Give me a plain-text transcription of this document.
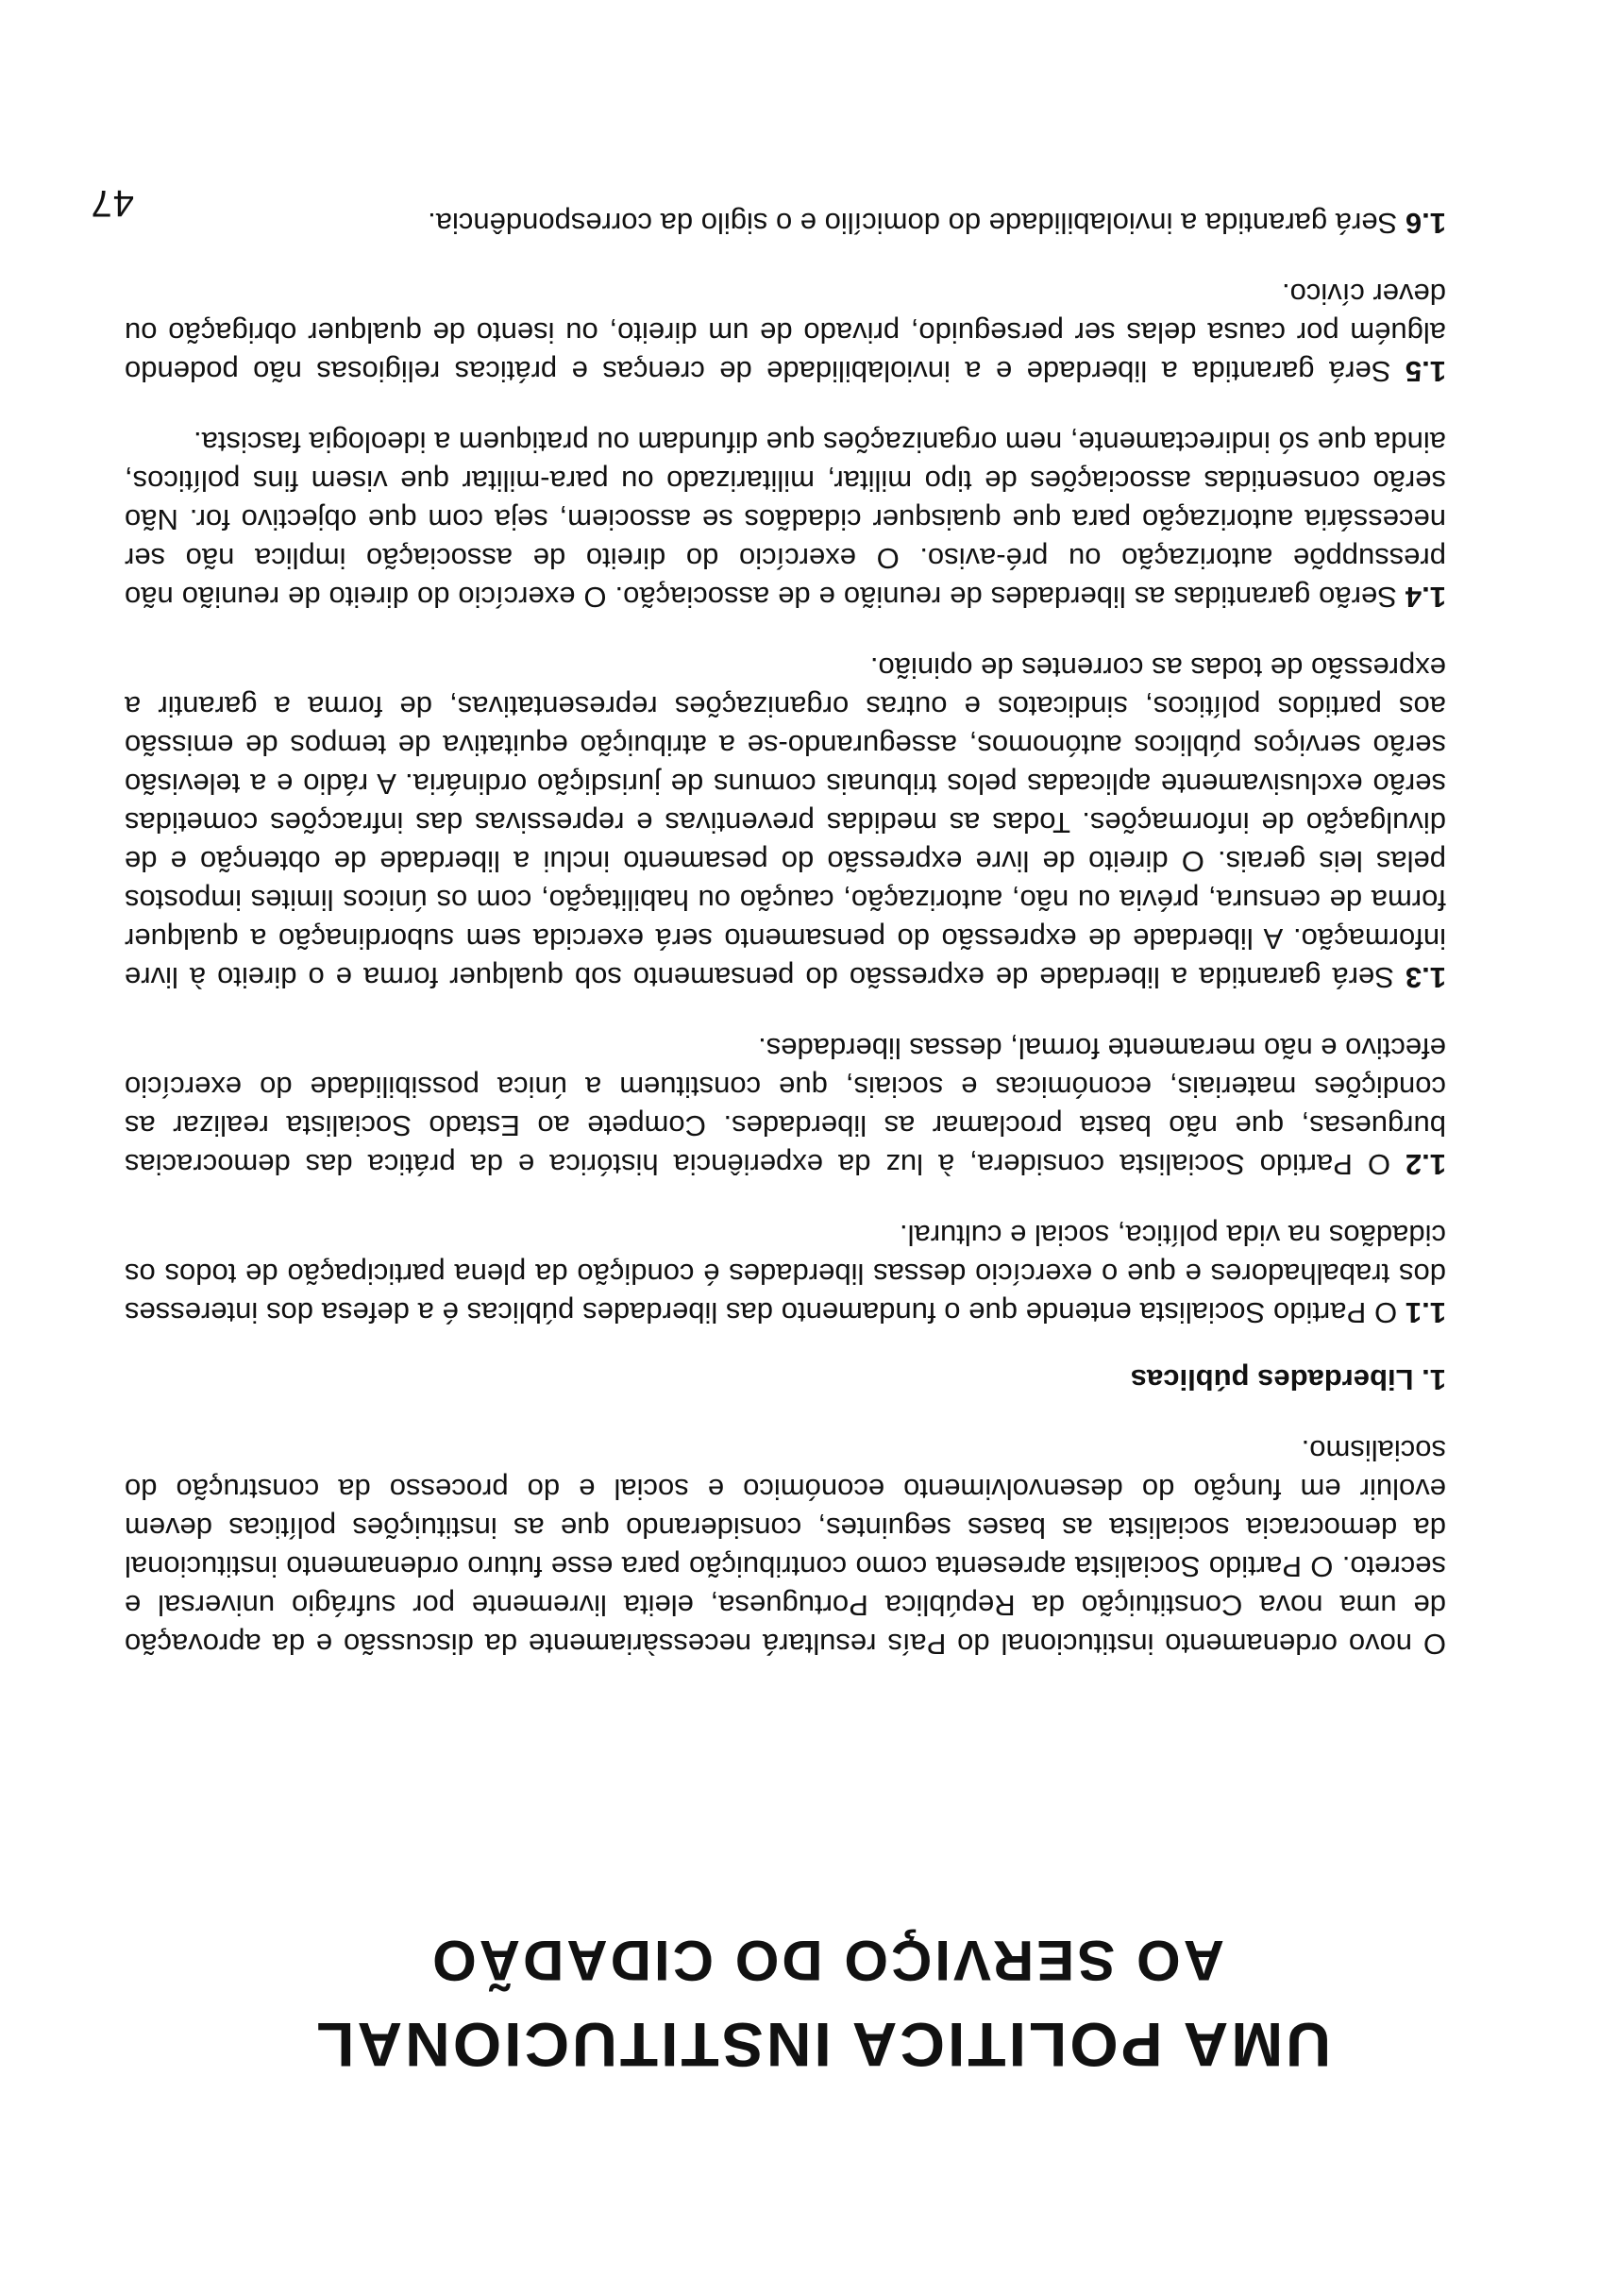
UMA POLITICA INSTITUCIONAL
AO SERVIÇO DO CIDADÃO

O novo ordenamento institucional do País resultará necessàriamente da discussão e da aprovação de uma nova Constituição da República Portuguesa, eleita livremente por sufrágio universal e secreto. O Partido Socialista apresenta como contribuição para esse futuro ordenamento institucional da democracia socialista as bases seguintes, considerando que as instituições políticas devem evoluir em função do desenvolvimento económico e social e do processo da construção do socialismo.

1. Liberdades públicas

1.1 O Partido Socialista entende que o fundamento das liberdades públicas é a defesa dos interesses dos trabalhadores e que o exercício dessas liberdades é condição da plena participação de todos os cidadãos na vida política, social e cultural.

1.2 O Partido Socialista considera, à luz da experiência histórica e da prática das democracias burguesas, que não basta proclamar as liberdades. Compete ao Estado Socialista realizar as condições materiais, económicas e sociais, que constituem a única possibilidade do exercício efectivo e não meramente formal, dessas liberdades.

1.3 Será garantida a liberdade de expressão do pensamento sob qualquer forma e o direito à livre informação. A liberdade de expressão do pensamento será exercida sem subordinação a qualquer forma de censura, prévia ou não, autorização, caução ou habilitação, com os únicos limites impostos pelas leis gerais. O direito de livre expressão do pesamento inclui a liberdade de obtenção e de divulgação de informações. Todas as medidas preventivas e repressivas das infracções cometidas serão exclusivamente aplicadas pelos tribunais comuns de jurisdição ordinária. A rádio e a televisão serão serviços públicos autónomos, assegurando-se a atribuição equitativa de tempos de emissão aos partidos políticos, sindicatos e outras organizações representativas, de forma a garantir a expressão de todas as correntes de opinião.

1.4 Serão garantidas as liberdades de reunião e de associação. O exercício do direito de reunião não pressuppõe autorização ou pré-aviso. O exercício do direito de associação implica não ser necessária autorização para que quaisquer cidadãos se associem, seja com que objectivo for. Não serão consentidas associações de tipo militar, militarizado ou para-militar que visem fins políticos, ainda que só indirectamente, nem organizações que difundam ou pratiquem a ideologia fascista.

1.5 Será garantida a liberdade e a inviolabilidade de crenças e práticas religiosas não podendo alguém por causa delas ser perseguido, privado de um direito, ou isento de qualquer obrigação ou dever cívico.

1.6 Será garantida a inviolabilidade do domicílio e o sigilo da correspondência.

47
